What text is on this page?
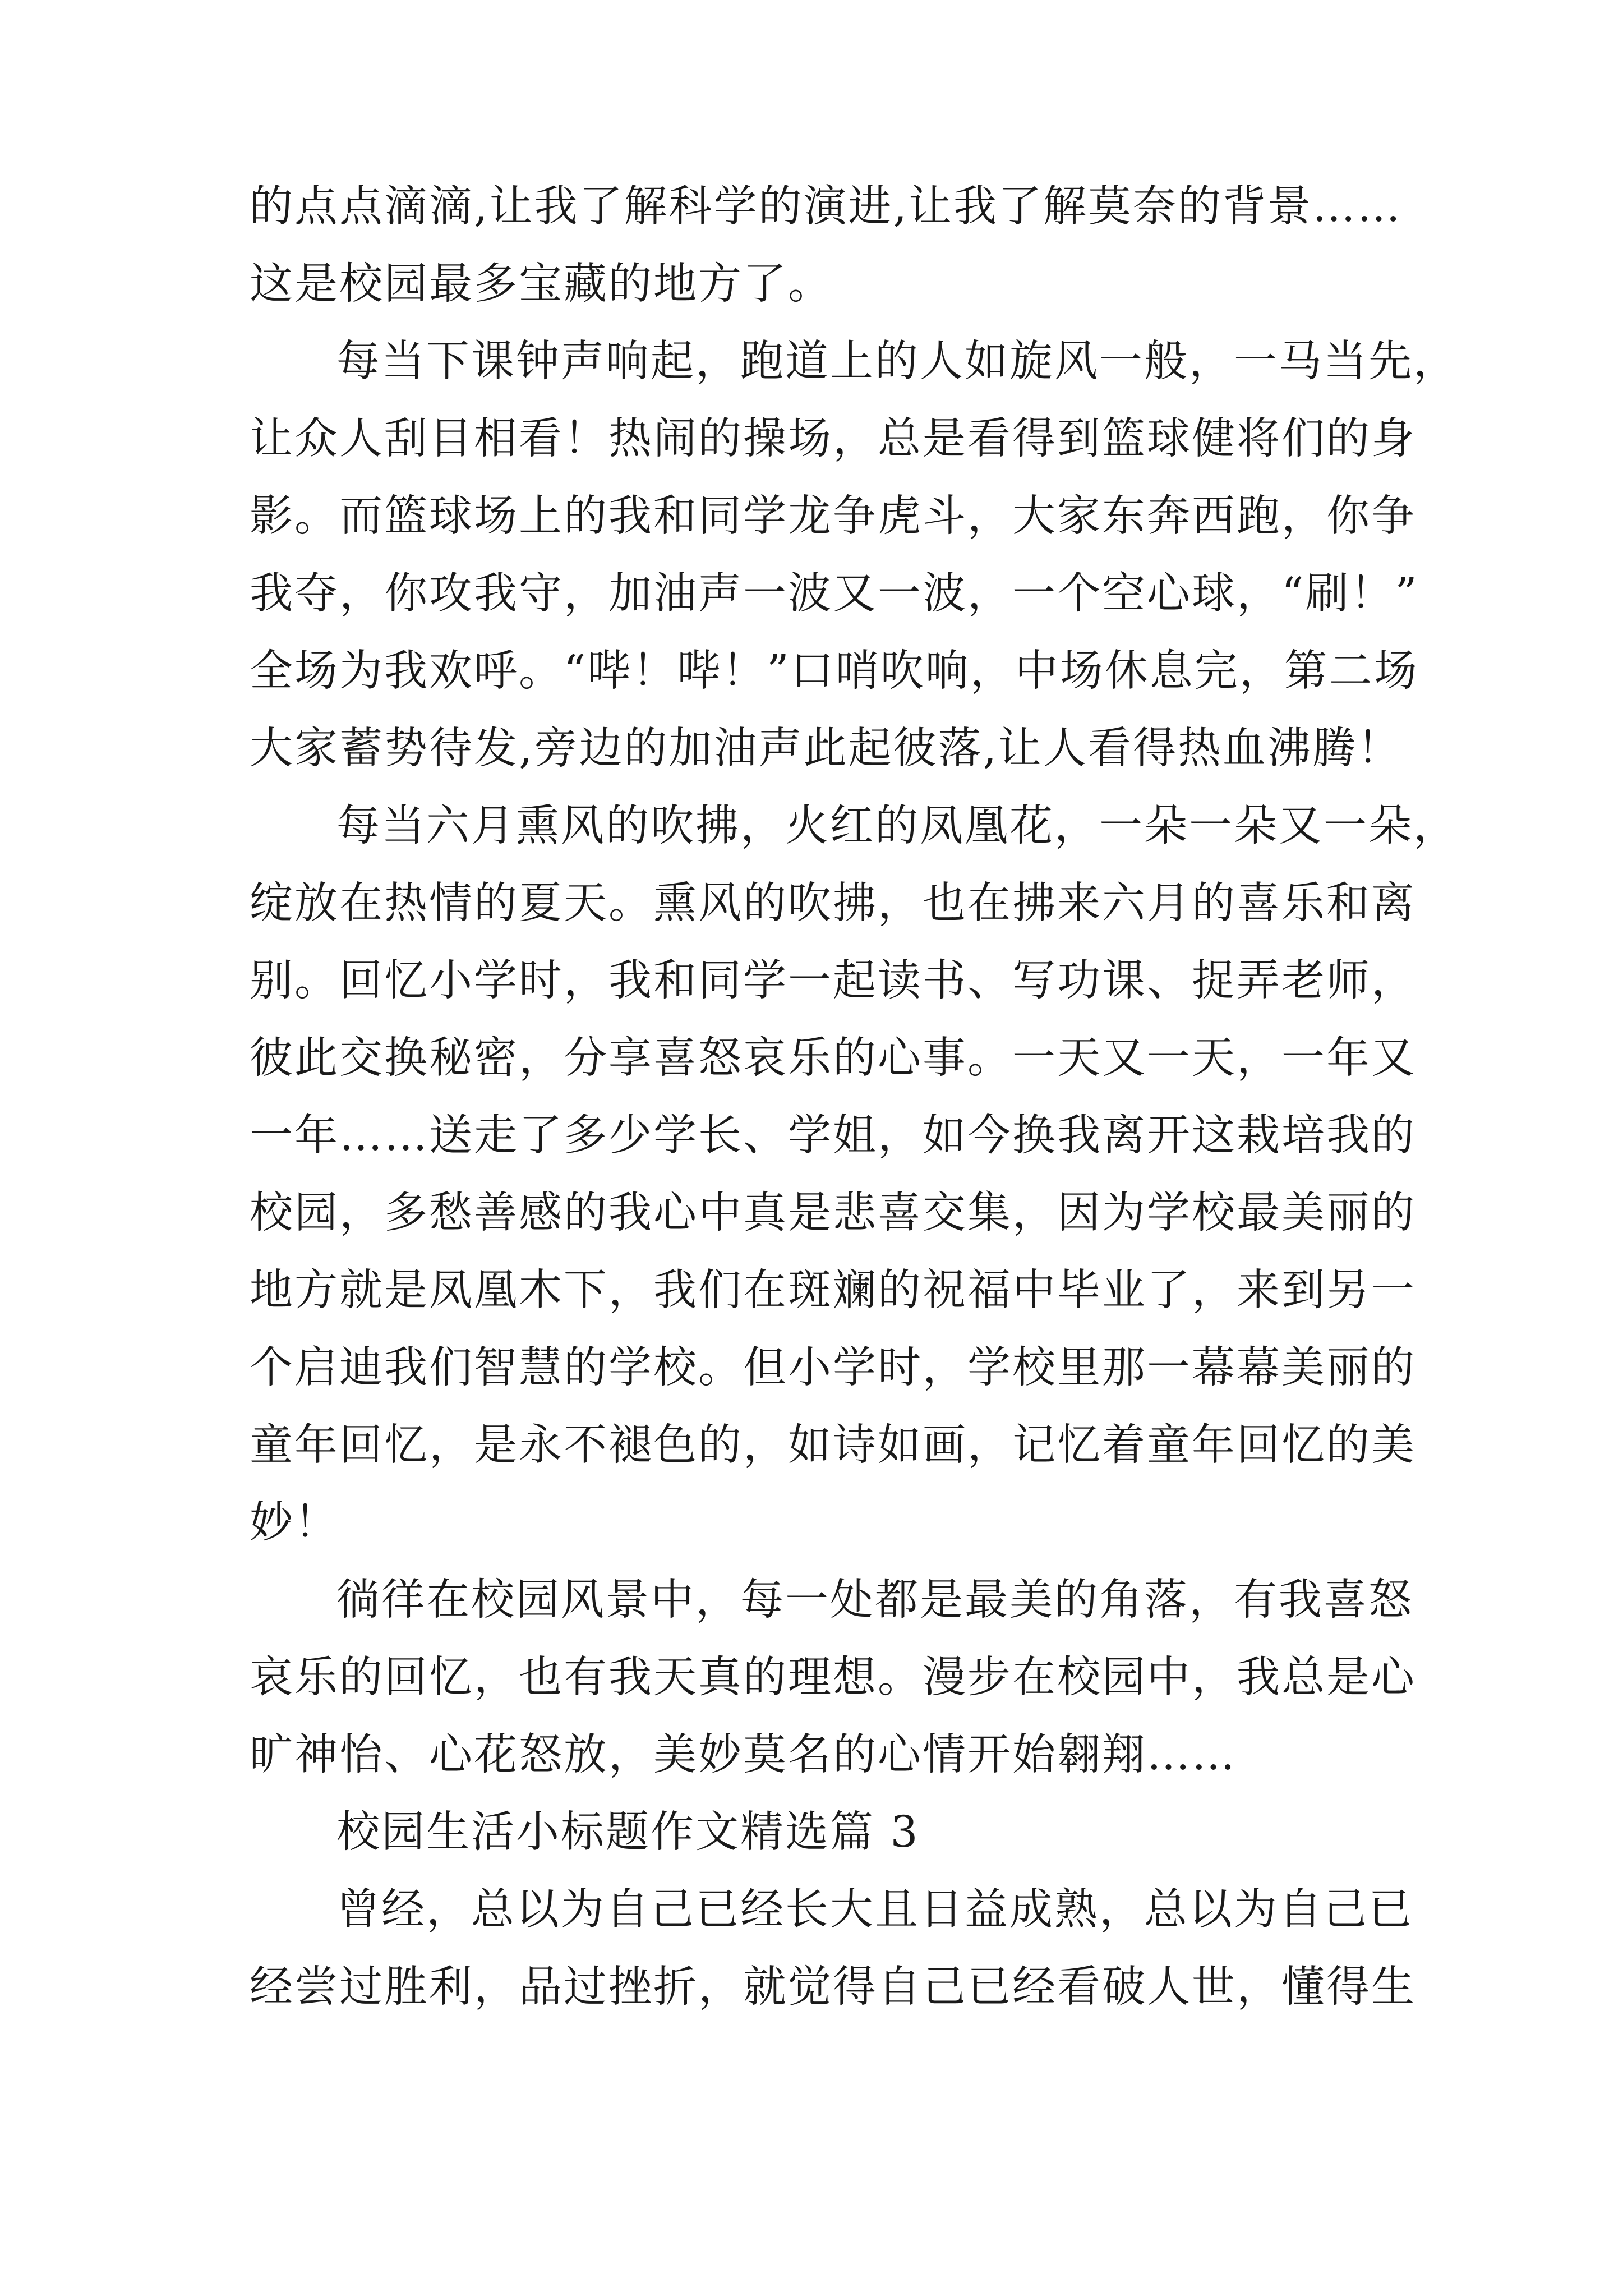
的点点滴滴,让我了解科学的演进,让我了解莫奈的背景……
这是校园最多宝藏的地方了。
每当下课钟声响起，跑道上的人如旋风一般，一马当先，
让众人刮目相看！热闹的操场，总是看得到篮球健将们的身
影。而篮球场上的我和同学龙争虎斗，大家东奔西跑，你争
我夺，你攻我守，加油声一波又一波，一个空心球，“刷！”
全场为我欢呼。“哔！哔！”口哨吹响，中场休息完，第二场
大家蓄势待发,旁边的加油声此起彼落,让人看得热血沸腾！
每当六月熏风的吹拂，火红的凤凰花，一朵一朵又一朵，
绽放在热情的夏天。熏风的吹拂，也在拂来六月的喜乐和离
别。回忆小学时，我和同学一起读书、写功课、捉弄老师，
彼此交换秘密，分享喜怒哀乐的心事。一天又一天，一年又
一年……送走了多少学长、学姐，如今换我离开这栽培我的
校园，多愁善感的我心中真是悲喜交集，因为学校最美丽的
地方就是凤凰木下，我们在斑斓的祝福中毕业了，来到另一
个启迪我们智慧的学校。但小学时，学校里那一幕幕美丽的
童年回忆，是永不褪色的，如诗如画，记忆着童年回忆的美
妙！
徜徉在校园风景中，每一处都是最美的角落，有我喜怒
哀乐的回忆，也有我天真的理想。漫步在校园中，我总是心
旷神怡、心花怒放，美妙莫名的心情开始翱翔……
校园生活小标题作文精选篇 3
曾经，总以为自己已经长大且日益成熟，总以为自己已
经尝过胜利，品过挫折，就觉得自己已经看破人世，懂得生
